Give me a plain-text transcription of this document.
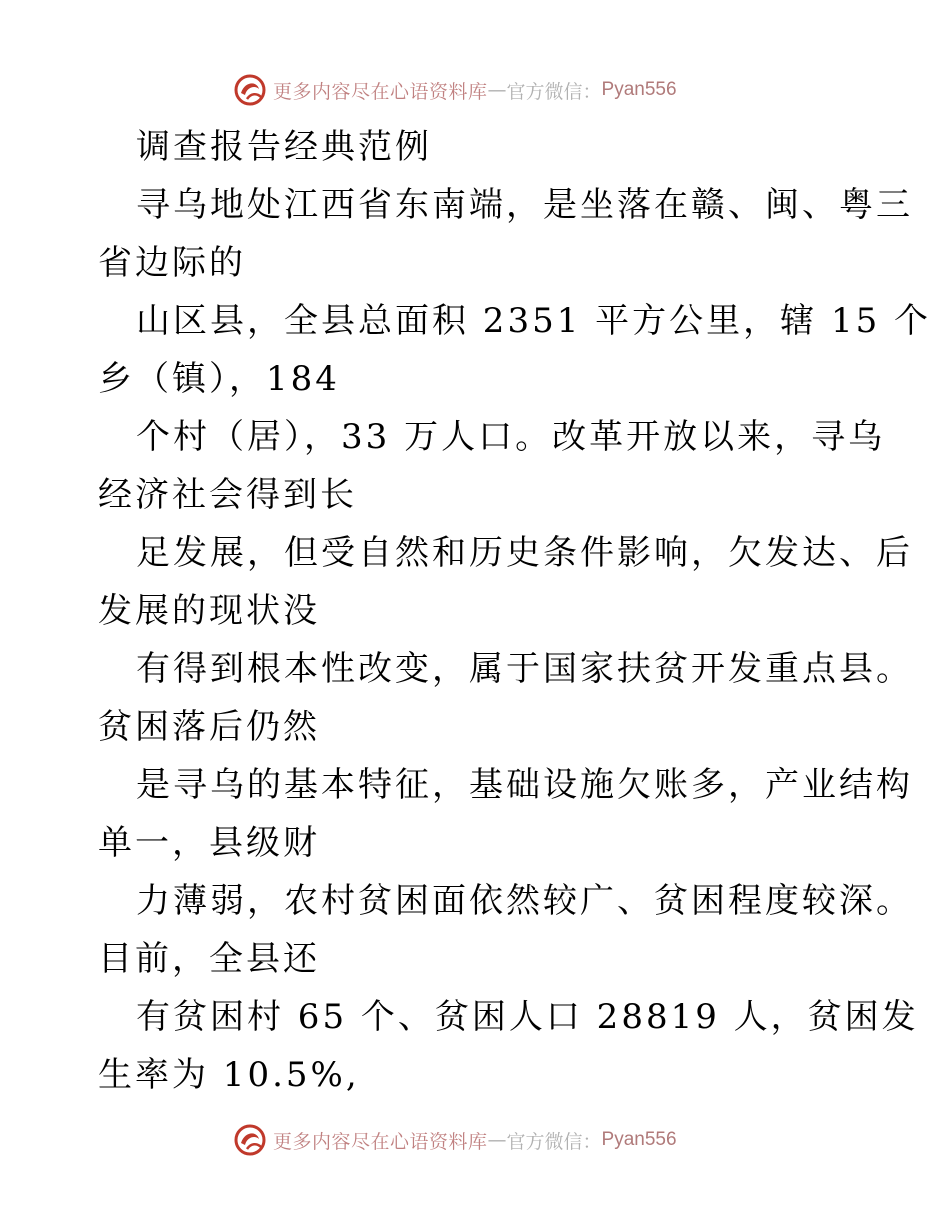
更多内容尽在心语资料库 — 官方微信： Pyan556
调查报告经典范例
寻乌地处江西省东南端，是坐落在赣、闽、粤三
省边际的
山区县，全县总面积 2351 平方公里，辖 15 个
乡（镇），184
个村（居），33 万人口。改革开放以来，寻乌
经济社会得到长
足发展，但受自然和历史条件影响，欠发达、后
发展的现状没
有得到根本性改变，属于国家扶贫开发重点县。
贫困落后仍然
是寻乌的基本特征，基础设施欠账多，产业结构
单一，县级财
力薄弱，农村贫困面依然较广、贫困程度较深。
目前，全县还
有贫困村 65 个、贫困人口 28819 人，贫困发
生率为 10.5%,
更多内容尽在心语资料库 — 官方微信： Pyan556
